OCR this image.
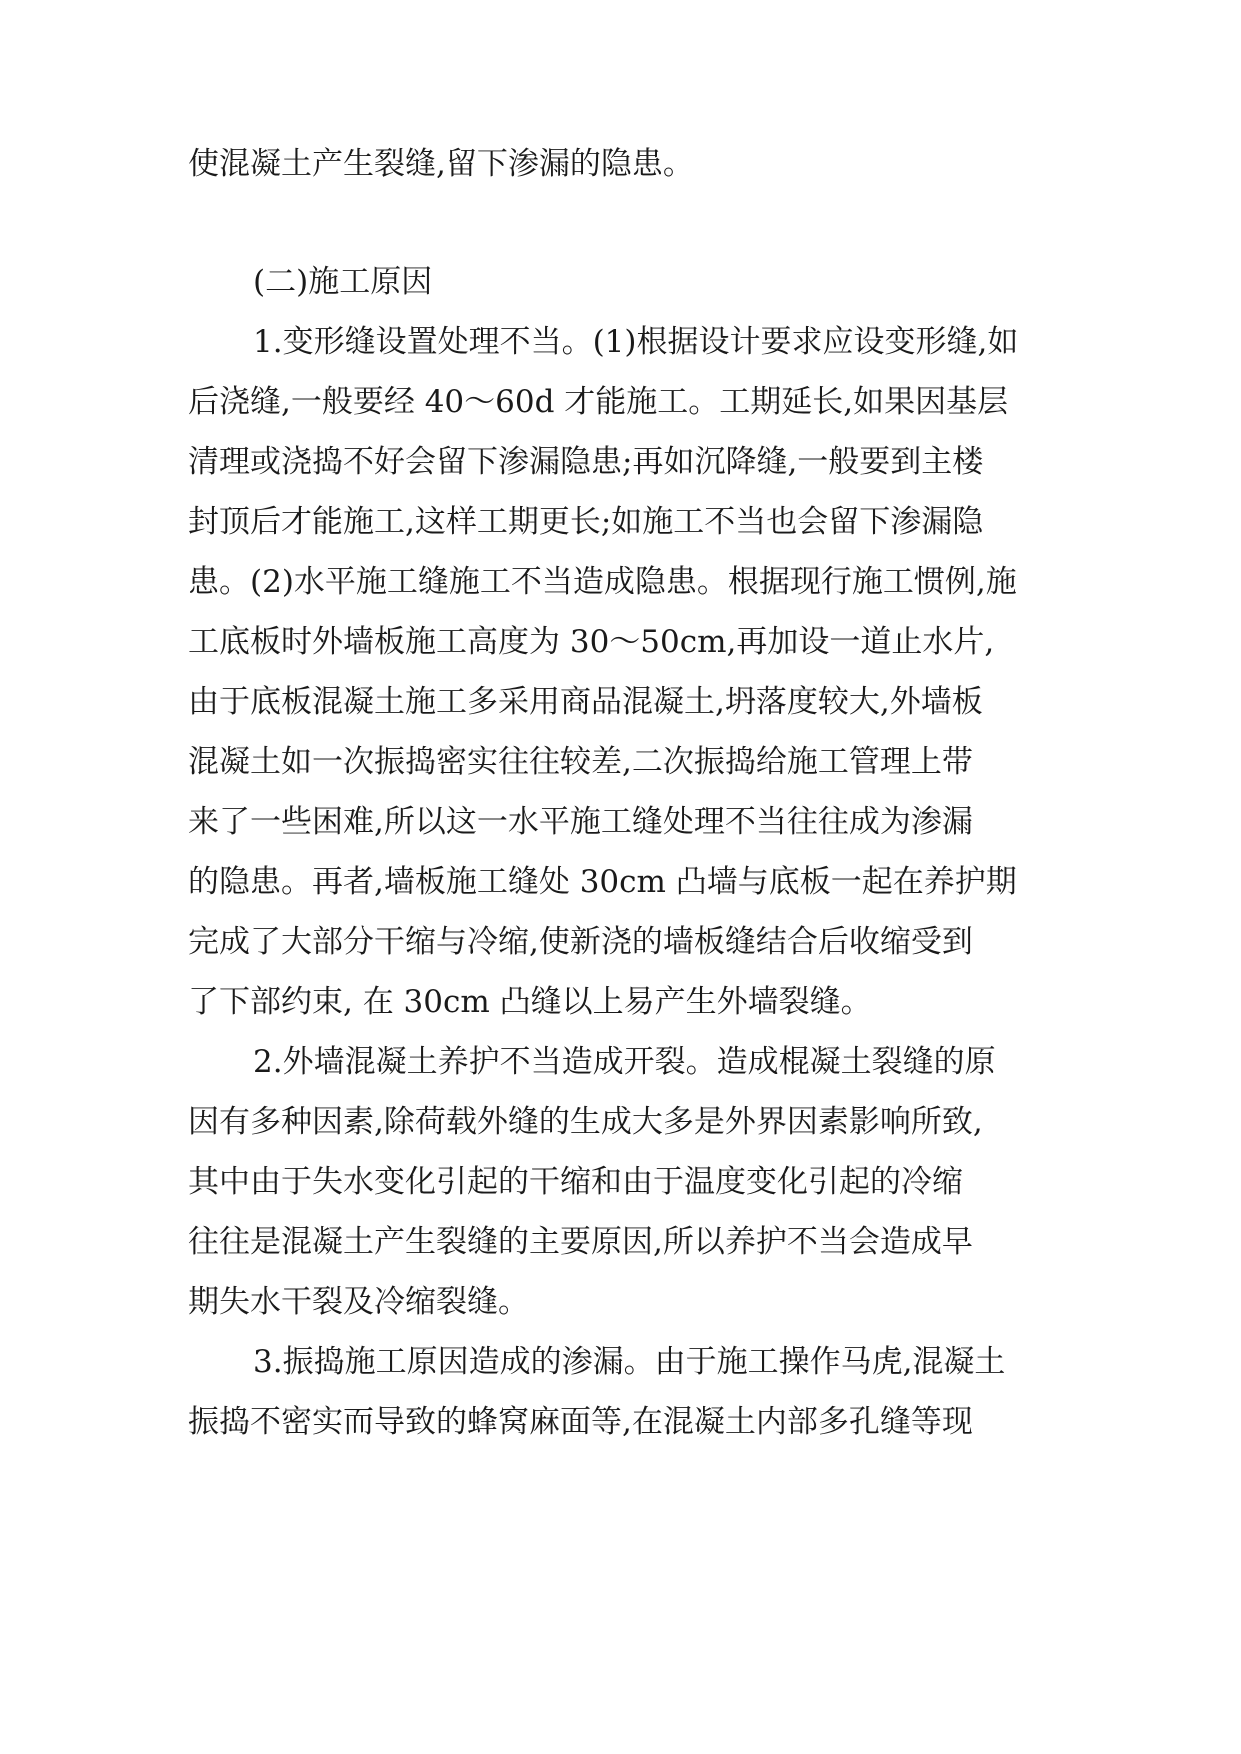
使混凝土产生裂缝,留下渗漏的隐患。
(二)施工原因
1.变形缝设置处理不当。(1)根据设计要求应设变形缝,如
后浇缝,一般要经 40～60d 才能施工。工期延长,如果因基层
清理或浇捣不好会留下渗漏隐患;再如沉降缝,一般要到主楼
封顶后才能施工,这样工期更长;如施工不当也会留下渗漏隐
患。(2)水平施工缝施工不当造成隐患。根据现行施工惯例,施
工底板时外墙板施工高度为 30～50cm,再加设一道止水片,
由于底板混凝土施工多采用商品混凝土,坍落度较大,外墙板
混凝土如一次振捣密实往往较差,二次振捣给施工管理上带
来了一些困难,所以这一水平施工缝处理不当往往成为渗漏
的隐患。再者,墙板施工缝处 30cm 凸墙与底板一起在养护期
完成了大部分干缩与冷缩,使新浇的墙板缝结合后收缩受到
了下部约束, 在 30cm 凸缝以上易产生外墙裂缝。
2.外墙混凝土养护不当造成开裂。造成棍凝土裂缝的原
因有多种因素,除荷载外缝的生成大多是外界因素影响所致,
其中由于失水变化引起的干缩和由于温度变化引起的冷缩
往往是混凝土产生裂缝的主要原因,所以养护不当会造成早
期失水干裂及冷缩裂缝。
3.振捣施工原因造成的渗漏。由于施工操作马虎,混凝土
振捣不密实而导致的蜂窝麻面等,在混凝土内部多孔缝等现
